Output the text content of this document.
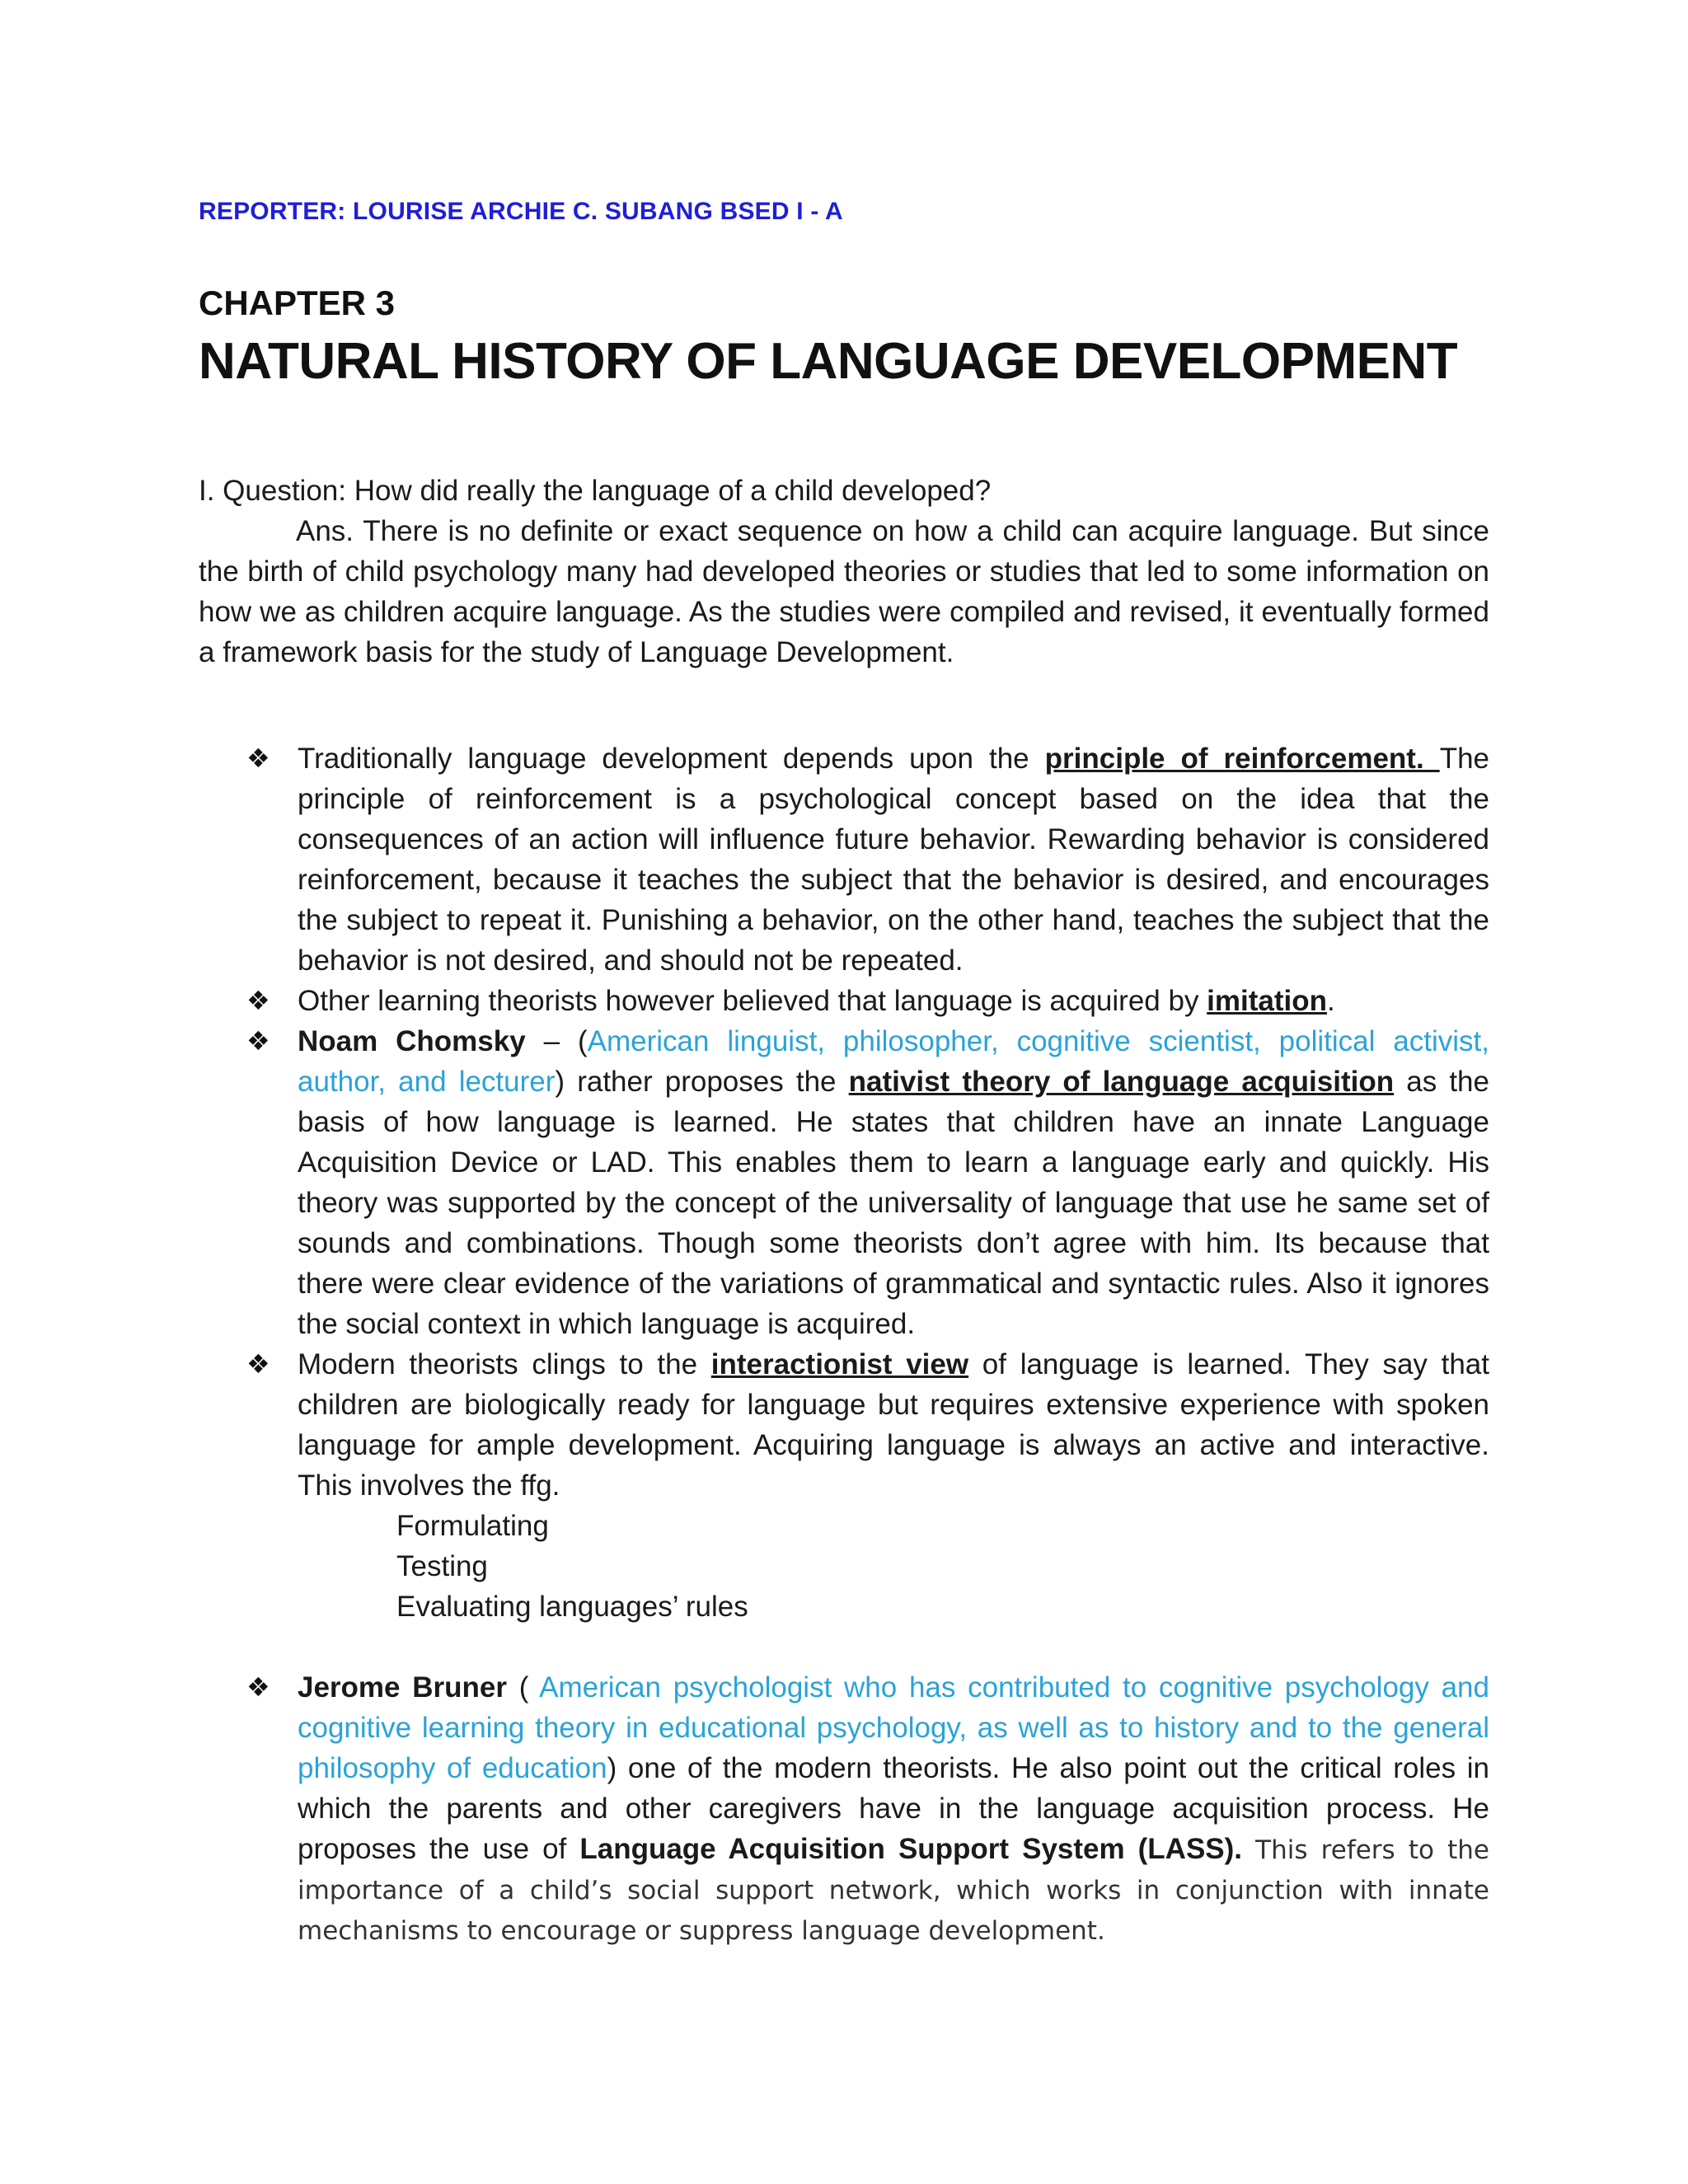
REPORTER: LOURISE ARCHIE C. SUBANG BSED I - A
CHAPTER 3
NATURAL HISTORY OF LANGUAGE DEVELOPMENT
I. Question: How did really the language of a child developed?
Ans. There is no definite or exact sequence on how a child can acquire language. But since the birth of child psychology many had developed theories or studies that led to some information on how we as children acquire language. As the studies were compiled and revised, it eventually formed a framework basis for the study of Language Development.
❖ Traditionally language development depends upon the principle of reinforcement. The principle of reinforcement is a psychological concept based on the idea that the consequences of an action will influence future behavior. Rewarding behavior is considered reinforcement, because it teaches the subject that the behavior is desired, and encourages the subject to repeat it. Punishing a behavior, on the other hand, teaches the subject that the behavior is not desired, and should not be repeated.
❖ Other learning theorists however believed that language is acquired by imitation.
❖ Noam Chomsky – (American linguist, philosopher, cognitive scientist, political activist, author, and lecturer) rather proposes the nativist theory of language acquisition as the basis of how language is learned. He states that children have an innate Language Acquisition Device or LAD. This enables them to learn a language early and quickly. His theory was supported by the concept of the universality of language that use he same set of sounds and combinations. Though some theorists don’t agree with him. Its because that there were clear evidence of the variations of grammatical and syntactic rules. Also it ignores the social context in which language is acquired.
❖ Modern theorists clings to the interactionist view of language is learned. They say that children are biologically ready for language but requires extensive experience with spoken language for ample development. Acquiring language is always an active and interactive. This involves the ffg.
Formulating
Testing
Evaluating languages’ rules
❖ Jerome Bruner ( American psychologist who has contributed to cognitive psychology and cognitive learning theory in educational psychology, as well as to history and to the general philosophy of education) one of the modern theorists. He also point out the critical roles in which the parents and other caregivers have in the language acquisition process. He proposes the use of Language Acquisition Support System (LASS). This refers to the importance of a child’s social support network, which works in conjunction with innate mechanisms to encourage or suppress language development.
